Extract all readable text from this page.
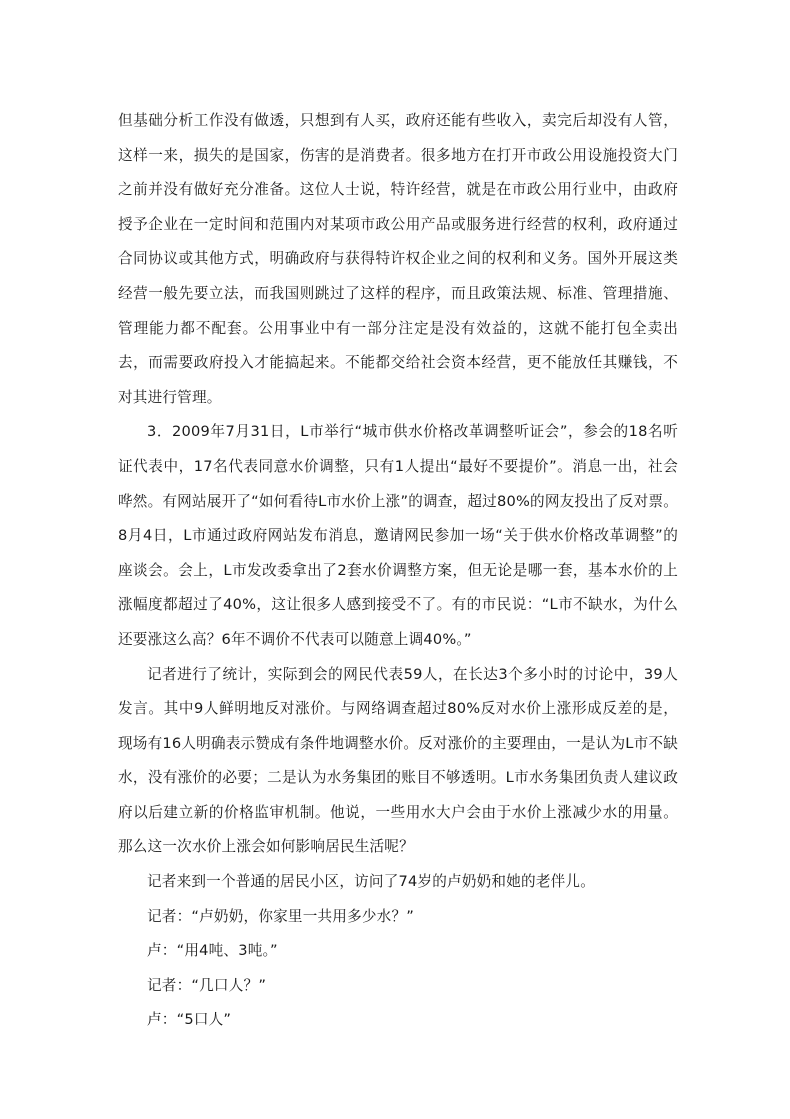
但基础分析工作没有做透，只想到有人买，政府还能有些收入，卖完后却没有人管，这样一来，损失的是国家，伤害的是消费者。很多地方在打开市政公用设施投资大门之前并没有做好充分准备。这位人士说，特许经营，就是在市政公用行业中，由政府授予企业在一定时间和范围内对某项市政公用产品或服务进行经营的权利，政府通过合同协议或其他方式，明确政府与获得特许权企业之间的权利和义务。国外开展这类经营一般先要立法，而我国则跳过了这样的程序，而且政策法规、标准、管理措施、管理能力都不配套。公用事业中有一部分注定是没有效益的，这就不能打包全卖出去，而需要政府投入才能搞起来。不能都交给社会资本经营，更不能放任其赚钱，不对其进行管理。

3．2009年7月31日，L市举行“城市供水价格改革调整听证会”，参会的18名听证代表中，17名代表同意水价调整，只有1人提出“最好不要提价”。消息一出，社会哗然。有网站展开了“如何看待L市水价上涨”的调查，超过80%的网友投出了反对票。8月4日，L市通过政府网站发布消息，邀请网民参加一场“关于供水价格改革调整”的座谈会。会上，L市发改委拿出了2套水价调整方案，但无论是哪一套，基本水价的上涨幅度都超过了40%，这让很多人感到接受不了。有的市民说：“L市不缺水，为什么还要涨这么高？6年不调价不代表可以随意上调40%。”

记者进行了统计，实际到会的网民代表59人，在长达3个多小时的讨论中，39人发言。其中9人鲜明地反对涨价。与网络调查超过80%反对水价上涨形成反差的是，现场有16人明确表示赞成有条件地调整水价。反对涨价的主要理由，一是认为L市不缺水，没有涨价的必要；二是认为水务集团的账目不够透明。L市水务集团负责人建议政府以后建立新的价格监审机制。他说，一些用水大户会由于水价上涨减少水的用量。那么这一次水价上涨会如何影响居民生活呢？

记者来到一个普通的居民小区，访问了74岁的卢奶奶和她的老伴儿。

记者：“卢奶奶，你家里一共用多少水？”

卢：“用4吨、3吨。”

记者：“几口人？”

卢：“5口人”
